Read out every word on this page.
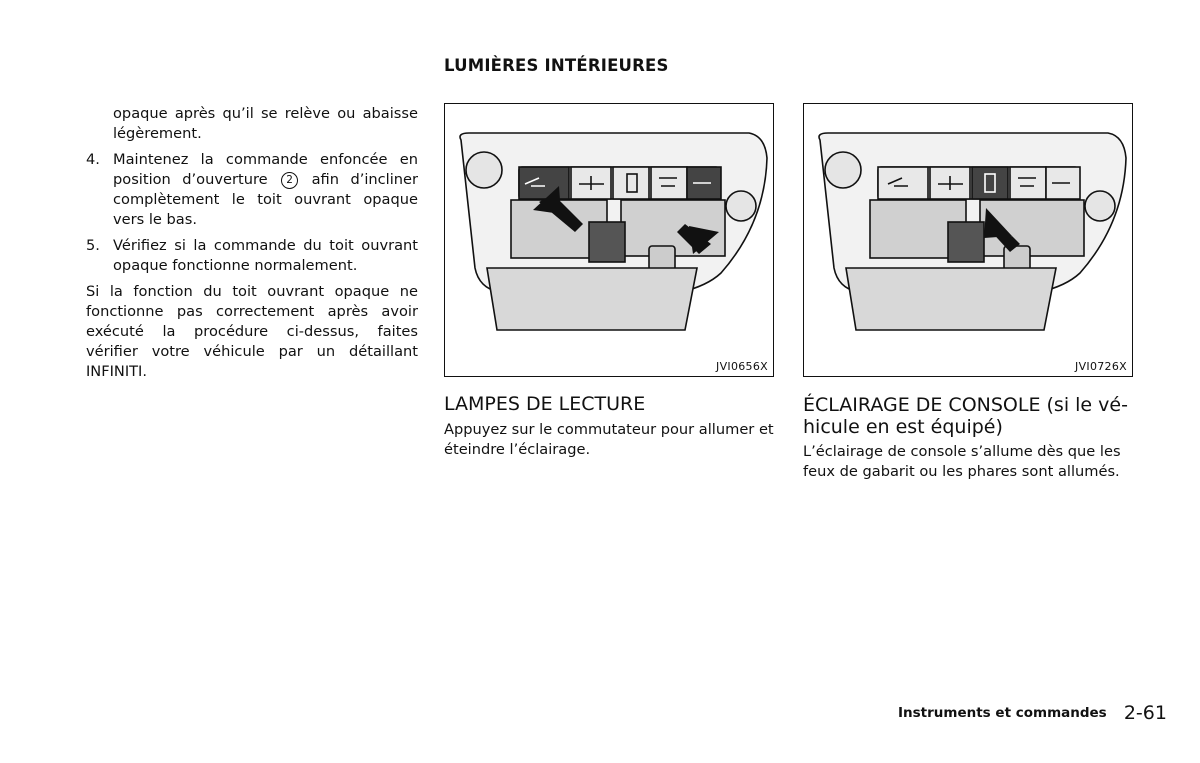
LUMIÈRES INTÉRIEURES

opaque après qu’il se relève ou abaisse légèrement.

4. Maintenez la commande enfoncée en position d’ouverture 2 afin d’incliner complètement le toit ouvrant opaque vers le bas.
5. Vérifiez si la commande du toit ouvrant opaque fonctionne normalement.

Si la fonction du toit ouvrant opaque ne fonctionne pas correctement après avoir exécuté la procédure ci-dessus, faites vérifier votre véhicule par un détaillant INFINITI.	JVI0656X	JVI0726X
LAMPES DE LECTURE
Appuyez sur le commutateur pour allumer et éteindre l’éclairage.
ÉCLAIRAGE DE CONSOLE (si le vé-
hicule en est équipé)
L’éclairage de console s’allume dès que les feux de gabarit ou les phares sont allumés.
Instruments et commandes 2-61
